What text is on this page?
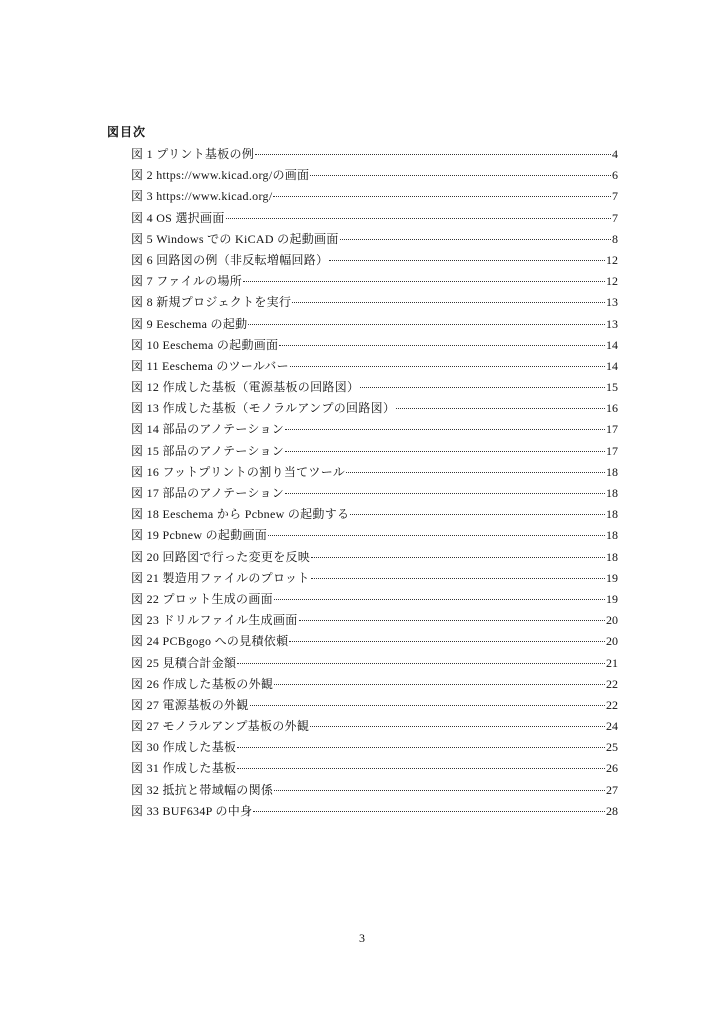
図目次
図 1 プリント基板の例	4
図 2 https://www.kicad.org/の画面	6
図 3 https://www.kicad.org/	7
図 4 OS 選択画面	7
図 5 Windows での KiCAD の起動画面	8
図 6 回路図の例（非反転増幅回路）	12
図 7 ファイルの場所	12
図 8 新規プロジェクトを実行	13
図 9 Eeschema の起動	13
図 10 Eeschema の起動画面	14
図 11 Eeschema のツールバー	14
図 12 作成した基板（電源基板の回路図）	15
図 13 作成した基板（モノラルアンプの回路図）	16
図 14 部品のアノテーション	17
図 15 部品のアノテーション	17
図 16 フットプリントの割り当てツール	18
図 17 部品のアノテーション	18
図 18 Eeschema から Pcbnew の起動する	18
図 19 Pcbnew の起動画面	18
図 20 回路図で行った変更を反映	18
図 21 製造用ファイルのプロット	19
図 22 プロット生成の画面	19
図 23 ドリルファイル生成画面	20
図 24 PCBgogo への見積依頼	20
図 25 見積合計金額	21
図 26 作成した基板の外観	22
図 27 電源基板の外観	22
図 27 モノラルアンプ基板の外観	24
図 30 作成した基板	25
図 31 作成した基板	26
図 32 抵抗と帯域幅の関係	27
図 33 BUF634P の中身	28
3
